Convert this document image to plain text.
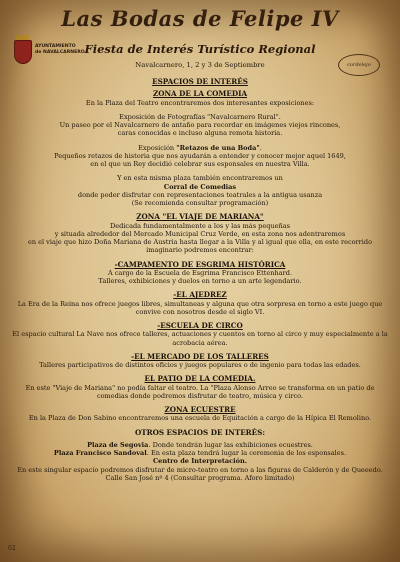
Las Bodas de Felipe IV
Fiesta de Interés Turístico Regional
Navalcarnero, 1, 2 y 3 de Septiembre
AYUNTAMIENTO
de NAVALCARNERO
cordelejo

ESPACIOS DE INTERÉS

ZONA DE LA COMEDIA

En la Plaza del Teatro encontraremos dos interesantes exposiciones:

Exposición de Fotografías "Navalcarnero Rural".

Un paseo por el Navalcarnero de antaño para recordar en imágenes viejos rincones,

caras conocidas e incluso alguna remota historia.

Exposición "Retazos de una Boda".

Pequeños retazos de historia que nos ayudarán a entender y conocer mejor aquel 1649,

en el que un Rey decidió celebrar sus esponsales en nuestra Villa.

Y en esta misma plaza también encontraremos un

Corral de Comedias

donde poder disfrutar con representaciones teatrales a la antigua usanza

(Se recomienda consultar programación)

ZONA "EL VIAJE DE MARIANA"

Dedicada fundamentalmente a los y las más pequeñas

y situada alrededor del Mercado Municipal Cruz Verde, en esta zona nos adentraremos

en el viaje que hizo Doña Mariana de Austria hasta llegar a la Villa y al igual que ella, en este recorrido

imaginario podremos encontrar:

-CAMPAMENTO DE ESGRIMA HISTÓRICA

A cargo de la Escuela de Esgrima Francisco Ettenhard.

Talleres, exhibiciones y duelos en torno a un arte legendario.

-EL AJEDREZ

La Era de la Reina nos ofrece juegos libres, simultaneas y alguna que otra sorpresa en torno a este juego que

convive con nosotros desde el siglo VI.

-ESCUELA DE CIRCO

El espacio cultural La Nave nos ofrece talleres, actuaciones y cuentos en torno al circo y muy especialmente a la

acrobacia aérea.

-EL MERCADO DE LOS TALLERES

Talleres participativos de distintos oficios y juegos populares o de ingenio para todas las edades.

EL PATIO DE LA COMEDIA.

En este "Viaje de Mariana" no podía faltar el teatro. La "Plaza Alonso Arreo se transforma en un patio de

comedias donde podremos disfrutar de teatro, música y circo.

ZONA ECUESTRE

En la Plaza de Don Sabino encontraremos una escuela de Equitación a cargo de la Hípica El Remolino.

OTROS ESPACIOS DE INTERÉS:

Plaza de Segovia. Donde tendrán lugar las exhibiciones ecuestres.

Plaza Francisco Sandoval. En esta plaza tendrá lugar la ceremonia de los esponsales.

Centro de Interpretación.

En este singular espacio podremos disfrutar de micro-teatro en torno a las figuras de Calderón y de Queeedo.

Calle San José nº 4 (Consultar programa. Aforo limitado)

02
